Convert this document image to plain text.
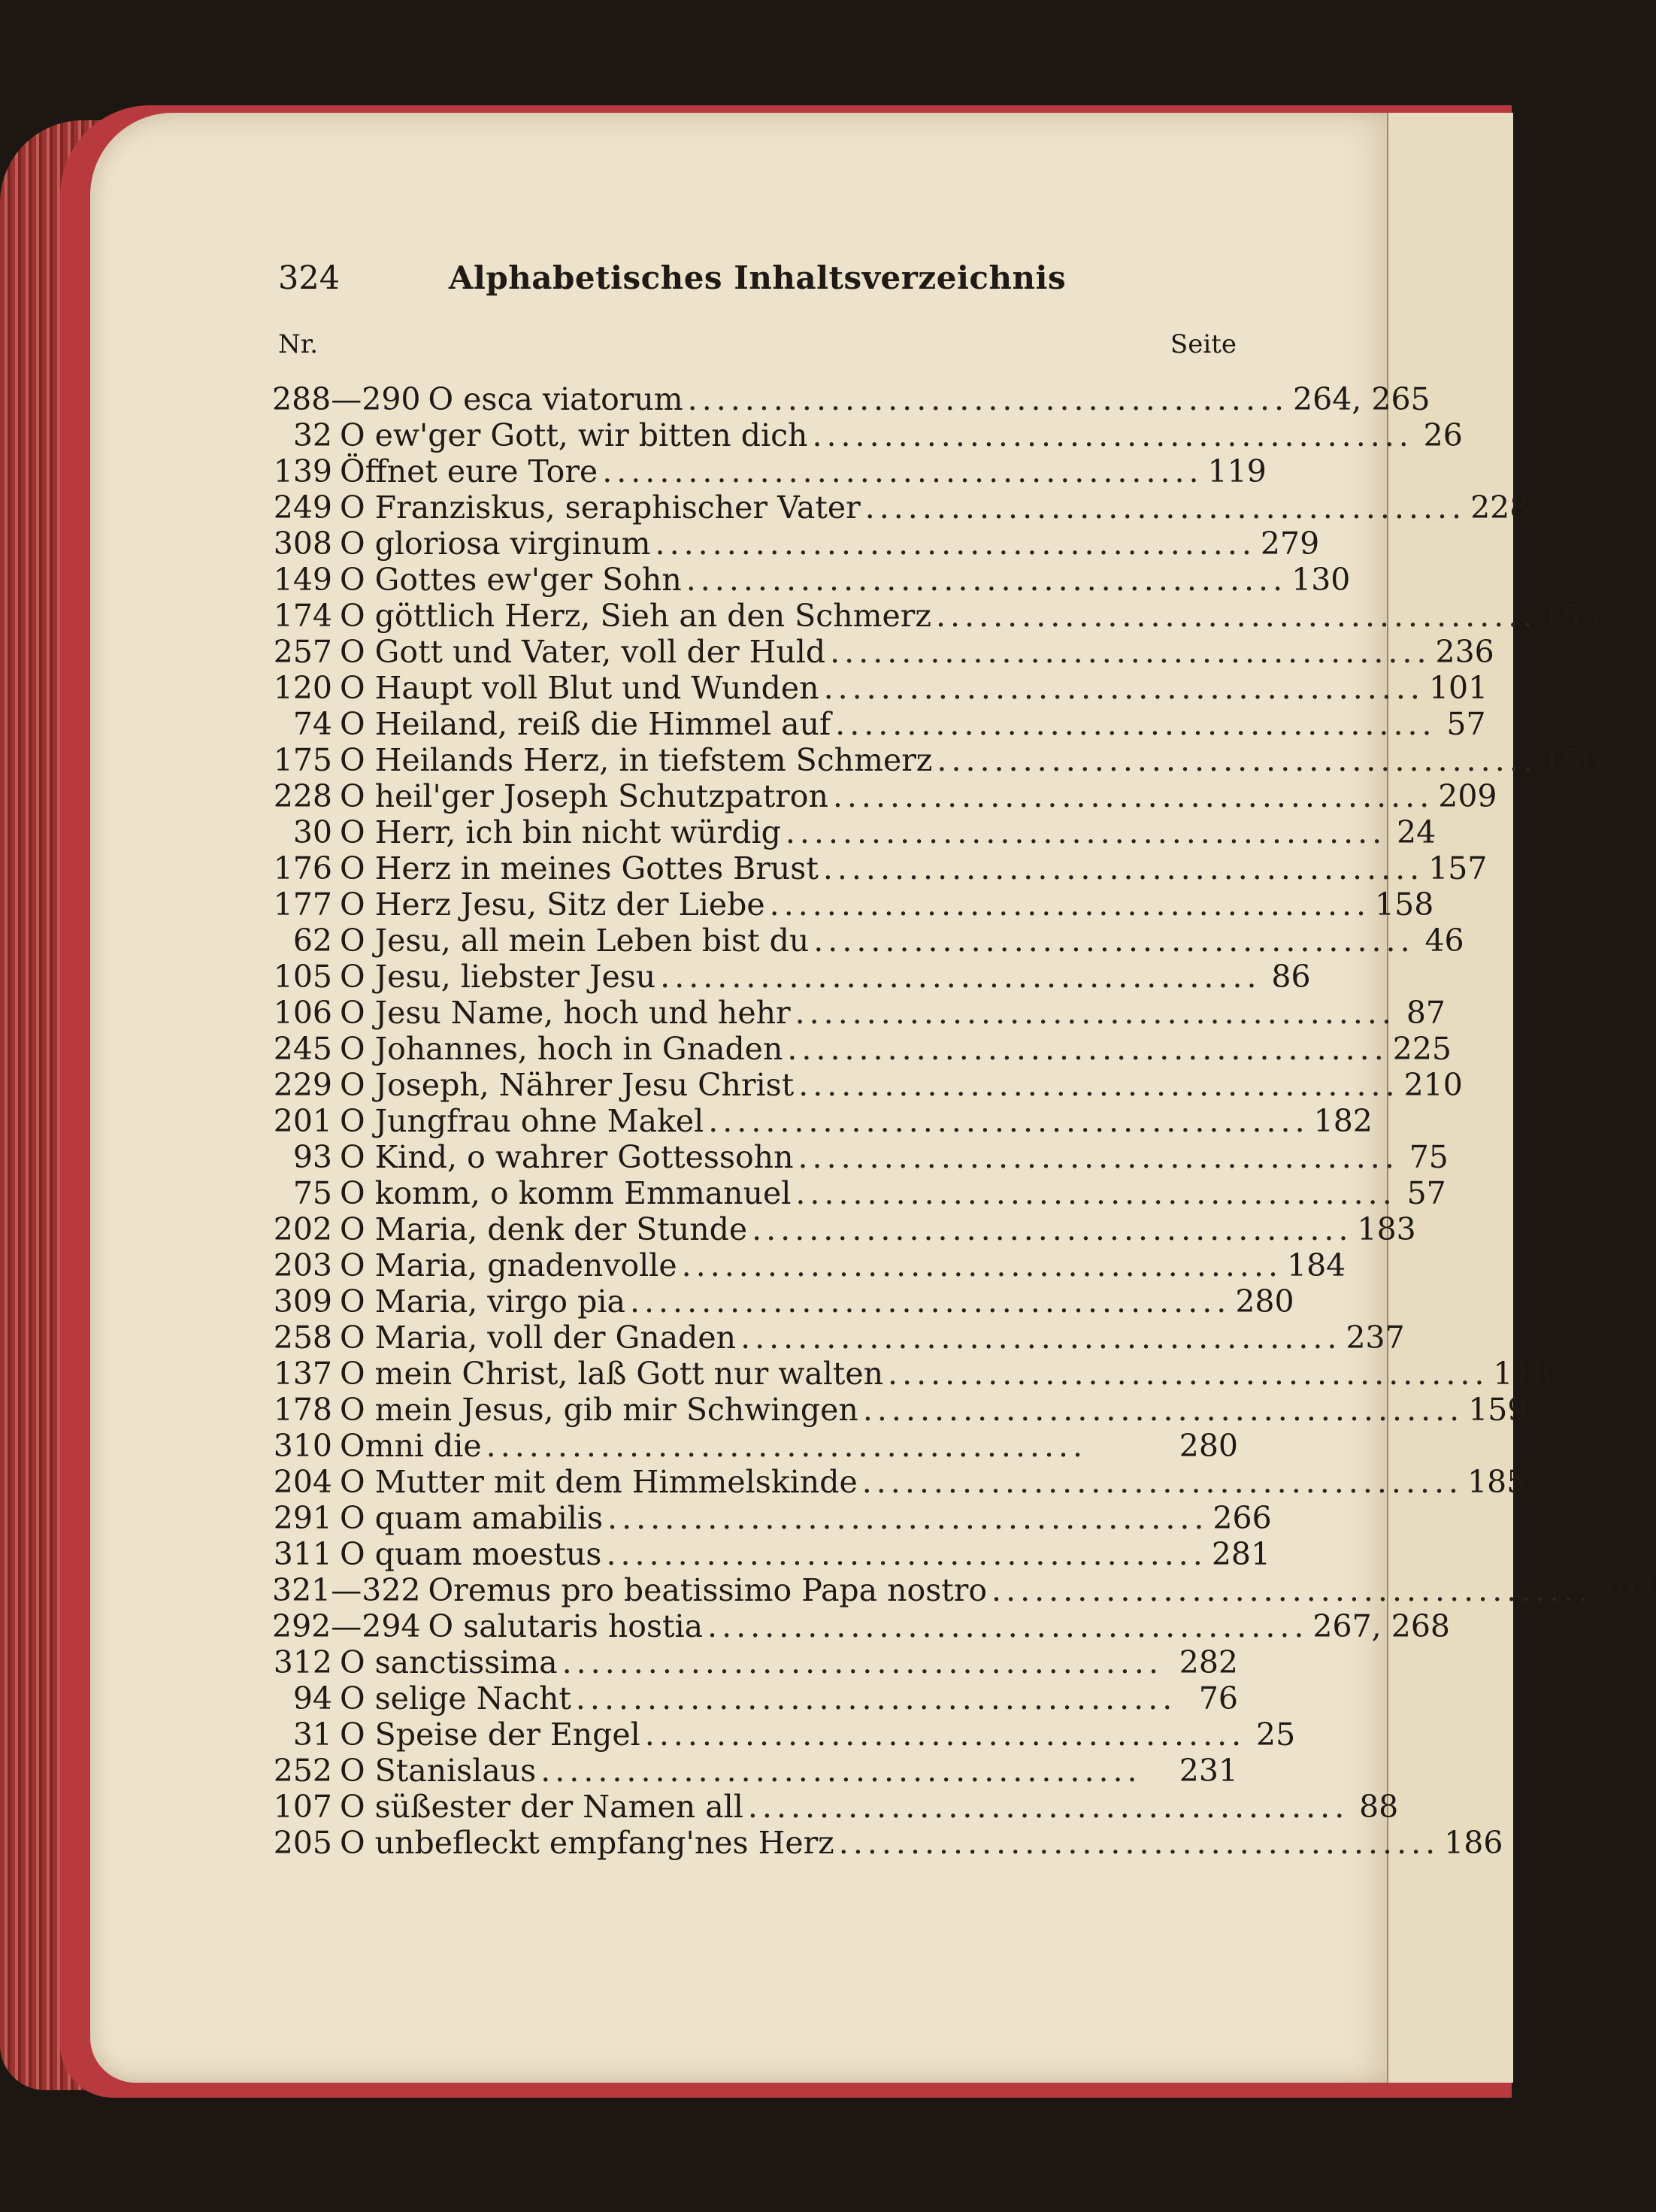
324	Alphabetisches Inhaltsverzeichnis
Nr.	Seite
288—290 O esca viatorum .......................................... 264, 265
32 O ew'ger Gott, wir bitten dich .......................................... 26
139 Öffnet eure Tore .......................................... 119
249 O Franziskus, seraphischer Vater .......................................... 228
308 O gloriosa virginum .......................................... 279
149 O Gottes ew'ger Sohn .......................................... 130
174 O göttlich Herz, Sieh an den Schmerz .......................................... 155
257 O Gott und Vater, voll der Huld .......................................... 236
120 O Haupt voll Blut und Wunden .......................................... 101
74 O Heiland, reiß die Himmel auf .......................................... 57
175 O Heilands Herz, in tiefstem Schmerz .......................................... 156
228 O heil'ger Joseph Schutzpatron .......................................... 209
30 O Herr, ich bin nicht würdig .......................................... 24
176 O Herz in meines Gottes Brust .......................................... 157
177 O Herz Jesu, Sitz der Liebe .......................................... 158
62 O Jesu, all mein Leben bist du .......................................... 46
105 O Jesu, liebster Jesu .......................................... 86
106 O Jesu Name, hoch und hehr .......................................... 87
245 O Johannes, hoch in Gnaden .......................................... 225
229 O Joseph, Nährer Jesu Christ .......................................... 210
201 O Jungfrau ohne Makel .......................................... 182
93 O Kind, o wahrer Gottessohn .......................................... 75
75 O komm, o komm Emmanuel .......................................... 57
202 O Maria, denk der Stunde .......................................... 183
203 O Maria, gnadenvolle .......................................... 184
309 O Maria, virgo pia .......................................... 280
258 O Maria, voll der Gnaden .......................................... 237
137 O mein Christ, laß Gott nur walten .......................................... 118
178 O mein Jesus, gib mir Schwingen .......................................... 159
310 Omni die ..........................................	280
204 O Mutter mit dem Himmelskinde .......................................... 185
291 O quam amabilis .......................................... 266
311 O quam moestus .......................................... 281
321—322 Oremus pro beatissimo Papa nostro .......................................... 292
292—294 O salutaris hostia .......................................... 267, 268
312 O sanctissima .......................................... 282
94 O selige Nacht .......................................... 76
31 O Speise der Engel .......................................... 25
252 O Stanislaus ..........................................	231
107 O süßester der Namen all .......................................... 88
205 O unbefleckt empfang'nes Herz .......................................... 186
